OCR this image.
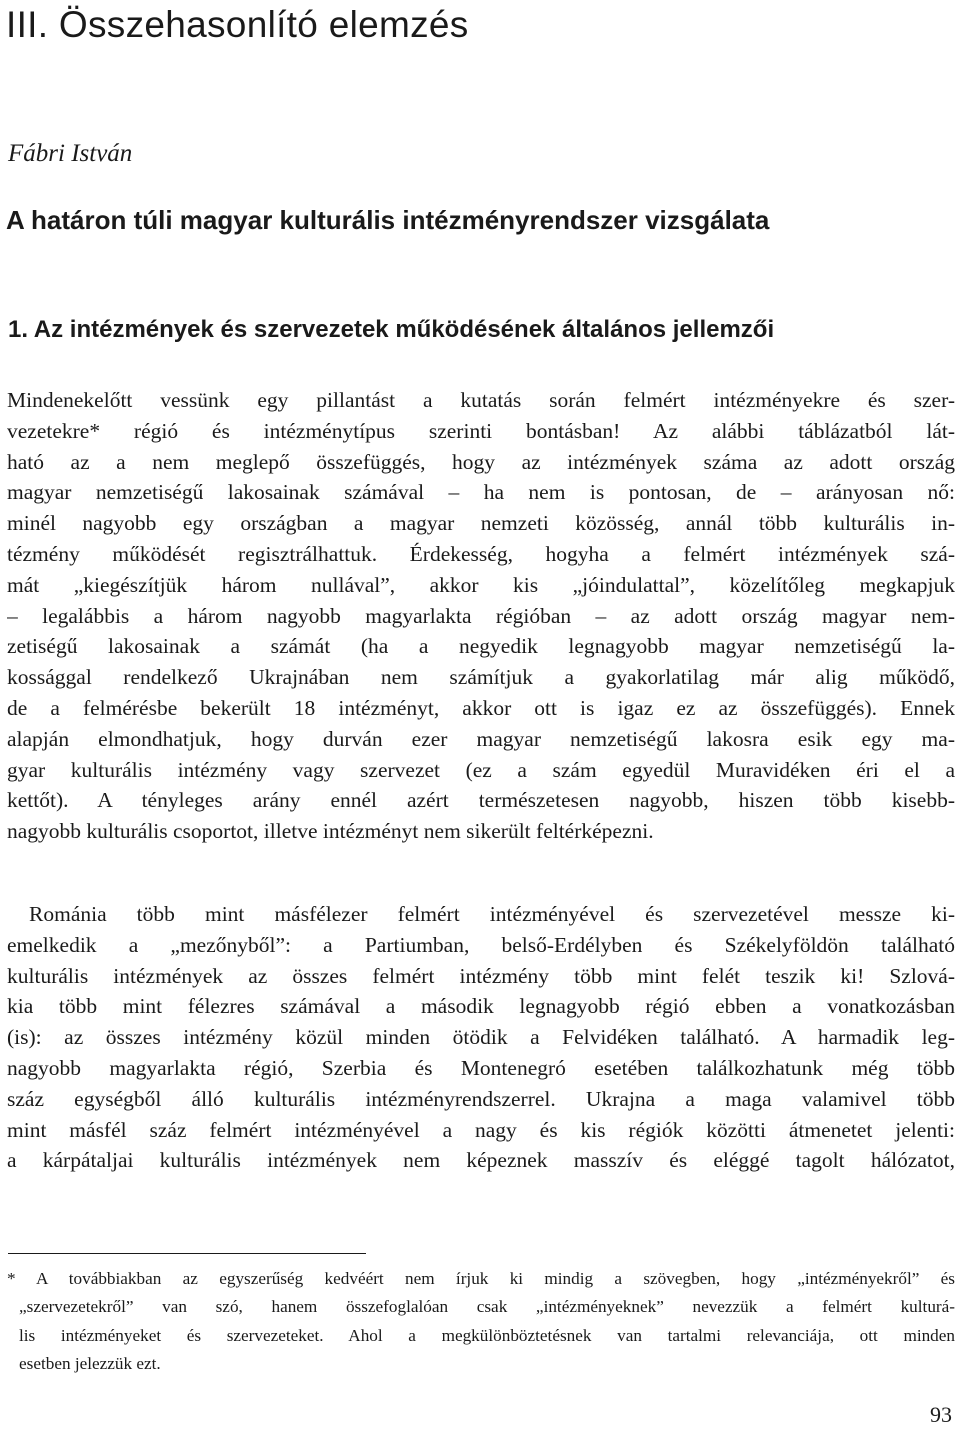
III. Összehasonlító elemzés

Fábri István

A határon túli magyar kulturális intézményrendszer vizsgálata
1. Az intézmények és szervezetek működésének általános jellemzői

Mindenekelőtt vessünk egy pillantást a kutatás során felmért intézményekre és szer-
vezetekre* régió és intézménytípus szerinti bontásban! Az alábbi táblázatból lát-
ható az a nem meglepő összefüggés, hogy az intézmények száma az adott ország
magyar nemzetiségű lakosainak számával – ha nem is pontosan, de – arányosan nő:
minél nagyobb egy országban a magyar nemzeti közösség, annál több kulturális in-
tézmény működését regisztrálhattuk. Érdekesség, hogyha a felmért intézmények szá-
mát „kiegészítjük három nullával”, akkor kis „jóindulattal”, közelítőleg megkapjuk
– legalábbis a három nagyobb magyarlakta régióban – az adott ország magyar nem-
zetiségű lakosainak a számát (ha a negyedik legnagyobb magyar nemzetiségű la-
kossággal rendelkező Ukrajnában nem számítjuk a gyakorlatilag már alig működő,
de a felmérésbe bekerült 18 intézményt, akkor ott is igaz ez az összefüggés). Ennek
alapján elmondhatjuk, hogy durván ezer magyar nemzetiségű lakosra esik egy ma-
gyar kulturális intézmény vagy szervezet (ez a szám egyedül Muravidéken éri el a
kettőt). A tényleges arány ennél azért természetesen nagyobb, hiszen több kisebb-
nagyobb kulturális csoportot, illetve intézményt nem sikerült feltérképezni.

Románia több mint másfélezer felmért intézményével és szervezetével messze ki-
emelkedik a „mezőnyből”: a Partiumban, belső-Erdélyben és Székelyföldön található
kulturális intézmények az összes felmért intézmény több mint felét teszik ki! Szlová-
kia több mint félezres számával a második legnagyobb régió ebben a vonatkozásban
(is): az összes intézmény közül minden ötödik a Felvidéken található. A harmadik leg-
nagyobb magyarlakta régió, Szerbia és Montenegró esetében találkozhatunk még több
száz egységből álló kulturális intézményrendszerrel. Ukrajna a maga valamivel több
mint másfél száz felmért intézményével a nagy és kis régiók közötti átmenetet jelenti:
a kárpátaljai kulturális intézmények nem képeznek masszív és eléggé tagolt hálózatot,

* A továbbiakban az egyszerűség kedvéért nem írjuk ki mindig a szövegben, hogy „intézményekről” és
„szervezetekről” van szó, hanem összefoglalóan csak „intézményeknek” nevezzük a felmért kulturá-
lis intézményeket és szervezeteket. Ahol a megkülönböztetésnek van tartalmi relevanciája, ott minden
esetben jelezzük ezt.

93
